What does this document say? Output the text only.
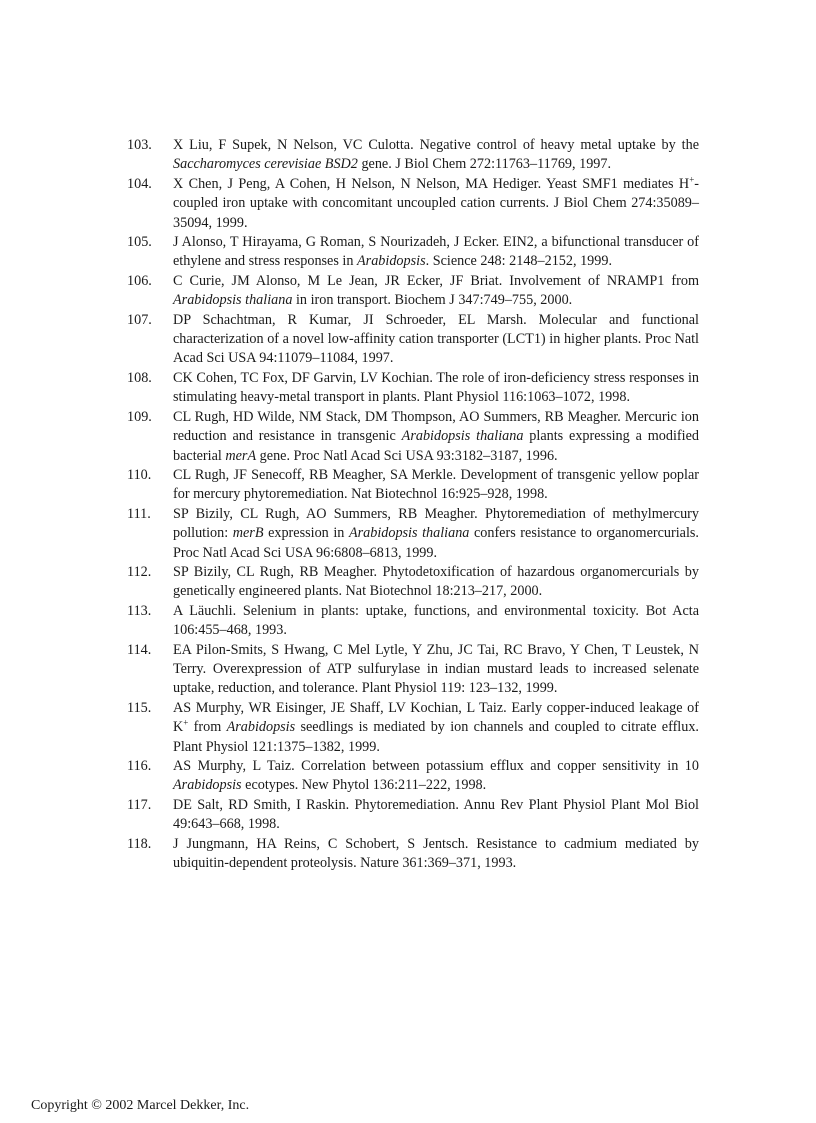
103.	X Liu, F Supek, N Nelson, VC Culotta. Negative control of heavy metal uptake by the Saccharomyces cerevisiae BSD2 gene. J Biol Chem 272:11763–11769, 1997.

104.	X Chen, J Peng, A Cohen, H Nelson, N Nelson, MA Hediger. Yeast SMF1 mediates H+-coupled iron uptake with concomitant uncoupled cation currents. J Biol Chem 274:35089–35094, 1999.

105.	J Alonso, T Hirayama, G Roman, S Nourizadeh, J Ecker. EIN2, a bifunctional transducer of ethylene and stress responses in Arabidopsis. Science 248: 2148–2152, 1999.

106.	C Curie, JM Alonso, M Le Jean, JR Ecker, JF Briat. Involvement of NRAMP1 from Arabidopsis thaliana in iron transport. Biochem J 347:749–755, 2000.

107.	DP Schachtman, R Kumar, JI Schroeder, EL Marsh. Molecular and functional characterization of a novel low-affinity cation transporter (LCT1) in higher plants. Proc Natl Acad Sci USA 94:11079–11084, 1997.

108.	CK Cohen, TC Fox, DF Garvin, LV Kochian. The role of iron-deficiency stress responses in stimulating heavy-metal transport in plants. Plant Physiol 116:1063–1072, 1998.

109.	CL Rugh, HD Wilde, NM Stack, DM Thompson, AO Summers, RB Meagher. Mercuric ion reduction and resistance in transgenic Arabidopsis thaliana plants expressing a modified bacterial merA gene. Proc Natl Acad Sci USA 93:3182–3187, 1996.

110.	CL Rugh, JF Senecoff, RB Meagher, SA Merkle. Development of transgenic yellow poplar for mercury phytoremediation. Nat Biotechnol 16:925–928, 1998.

111.	SP Bizily, CL Rugh, AO Summers, RB Meagher. Phytoremediation of methylmercury pollution: merB expression in Arabidopsis thaliana confers resistance to organomercurials. Proc Natl Acad Sci USA 96:6808–6813, 1999.

112.	SP Bizily, CL Rugh, RB Meagher. Phytodetoxification of hazardous organomercurials by genetically engineered plants. Nat Biotechnol 18:213–217, 2000.

113.	A Läuchli. Selenium in plants: uptake, functions, and environmental toxicity. Bot Acta 106:455–468, 1993.

114.	EA Pilon-Smits, S Hwang, C Mel Lytle, Y Zhu, JC Tai, RC Bravo, Y Chen, T Leustek, N Terry. Overexpression of ATP sulfurylase in indian mustard leads to increased selenate uptake, reduction, and tolerance. Plant Physiol 119: 123–132, 1999.

115.	AS Murphy, WR Eisinger, JE Shaff, LV Kochian, L Taiz. Early copper-induced leakage of K+ from Arabidopsis seedlings is mediated by ion channels and coupled to citrate efflux. Plant Physiol 121:1375–1382, 1999.

116.	AS Murphy, L Taiz. Correlation between potassium efflux and copper sensitivity in 10 Arabidopsis ecotypes. New Phytol 136:211–222, 1998.

117.	DE Salt, RD Smith, I Raskin. Phytoremediation. Annu Rev Plant Physiol Plant Mol Biol 49:643–668, 1998.

118.	J Jungmann, HA Reins, C Schobert, S Jentsch. Resistance to cadmium mediated by ubiquitin-dependent proteolysis. Nature 361:369–371, 1993.

Copyright © 2002 Marcel Dekker, Inc.
